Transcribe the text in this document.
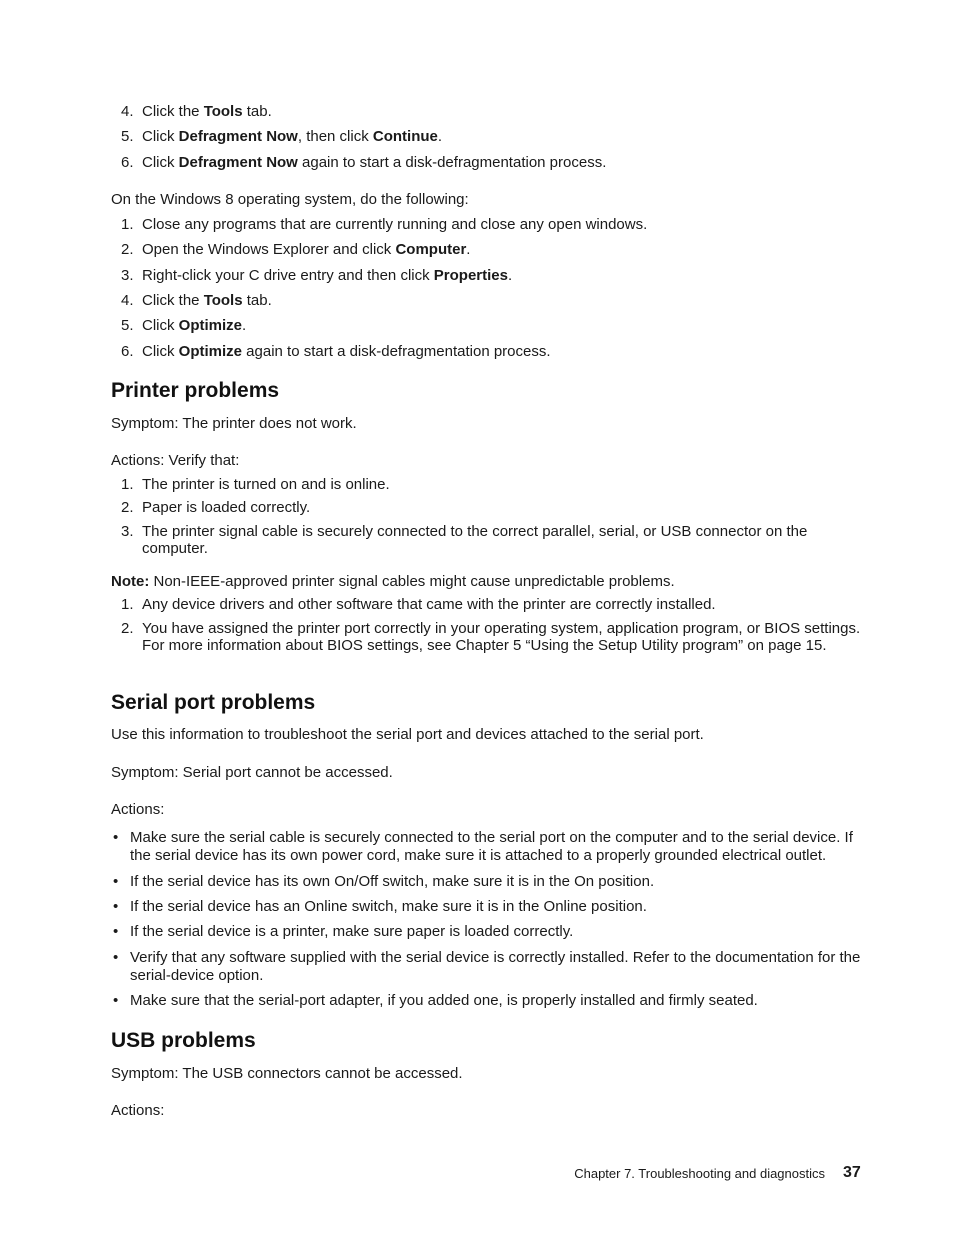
4. Click the Tools tab.
5. Click Defragment Now, then click Continue.
6. Click Defragment Now again to start a disk-defragmentation process.
On the Windows 8 operating system, do the following:
1. Close any programs that are currently running and close any open windows.
2. Open the Windows Explorer and click Computer.
3. Right-click your C drive entry and then click Properties.
4. Click the Tools tab.
5. Click Optimize.
6. Click Optimize again to start a disk-defragmentation process.
Printer problems
Symptom: The printer does not work.
Actions: Verify that:
1. The printer is turned on and is online.
2. Paper is loaded correctly.
3. The printer signal cable is securely connected to the correct parallel, serial, or USB connector on the computer.
Note: Non-IEEE-approved printer signal cables might cause unpredictable problems.
1. Any device drivers and other software that came with the printer are correctly installed.
2. You have assigned the printer port correctly in your operating system, application program, or BIOS settings. For more information about BIOS settings, see Chapter 5 “Using the Setup Utility program” on page 15.
Serial port problems
Use this information to troubleshoot the serial port and devices attached to the serial port.
Symptom: Serial port cannot be accessed.
Actions:
• Make sure the serial cable is securely connected to the serial port on the computer and to the serial device. If the serial device has its own power cord, make sure it is attached to a properly grounded electrical outlet.
• If the serial device has its own On/Off switch, make sure it is in the On position.
• If the serial device has an Online switch, make sure it is in the Online position.
• If the serial device is a printer, make sure paper is loaded correctly.
• Verify that any software supplied with the serial device is correctly installed. Refer to the documentation for the serial-device option.
• Make sure that the serial-port adapter, if you added one, is properly installed and firmly seated.
USB problems
Symptom: The USB connectors cannot be accessed.
Actions:
Chapter 7. Troubleshooting and diagnostics 37
